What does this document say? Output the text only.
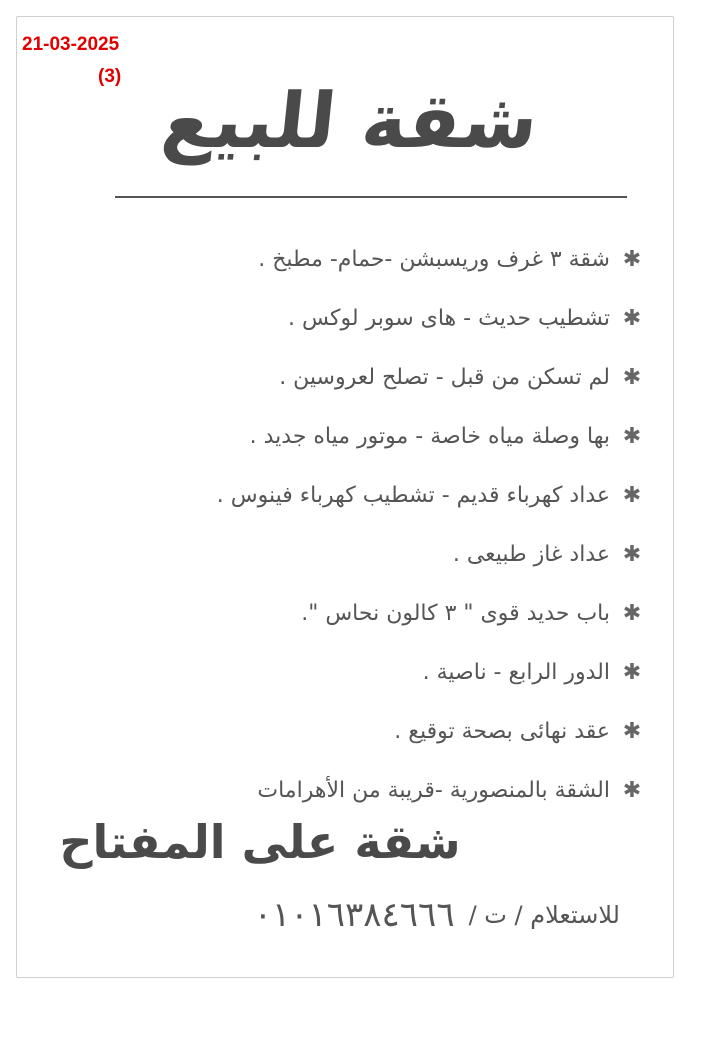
21-03-2025
(3) شقة للبيع
✱
شقة ٣ غرف وريسبشن -حمام- مطبخ .
✱
تشطيب حديث - هاى سوبر لوكس .
✱
لم تسكن من قبل - تصلح لعروسين .
✱
بها وصلة مياه خاصة - موتور مياه جديد .
✱
عداد كهرباء قديم - تشطيب كهرباء فينوس .
✱
عداد غاز طبيعى .
✱
باب حديد قوى " ٣ كالون نحاس ".
✱
الدور الرابع - ناصية .
✱
عقد نهائى بصحة توقيع .
✱
الشقة بالمنصورية -قريبة من الأهرامات
شقة على المفتاح
للاستعلام / ت /
٠١٠١٦٣٨٤٦٦٦
